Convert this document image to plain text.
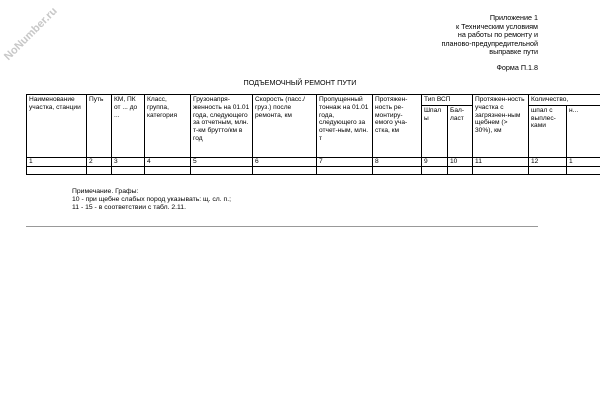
NoNumber.ru	Приложение 1
к Техническим условиям
на работы по ремонту и
планово-предупредительной
выправке пути
Форма П.1.8
ПОДЪЕМОЧНЫЙ РЕМОНТ ПУТИ
Наименование участка, станции	Путь	КМ, ПК от ... до ...	Класс, группа, категория	Грузонапря-женность на 01.01 года, следующего за отчетным, млн. т-км брутто/км в год	Скорость (пасс./груз.) после ремонта, км	Пропущенный тоннаж на 01.01 года, следующего за отчет-ным, млн. т	Протяжен-ность ре-монтиру-емого уча-стка, км	Тип ВСП		Протяжен-ность участка с загрязнен-ным щебнем (> 30%), км	Количество,	
								Шпалы	Бал-ласт		шпал с выплес-ками	н...
1	2	3	4	5	6	7	8	9	10	11	12	1

Примечание. Графы:
10 - при щебне слабых пород указывать: щ. сл. п.;
11 - 15 - в соответствии с табл. 2.11.
